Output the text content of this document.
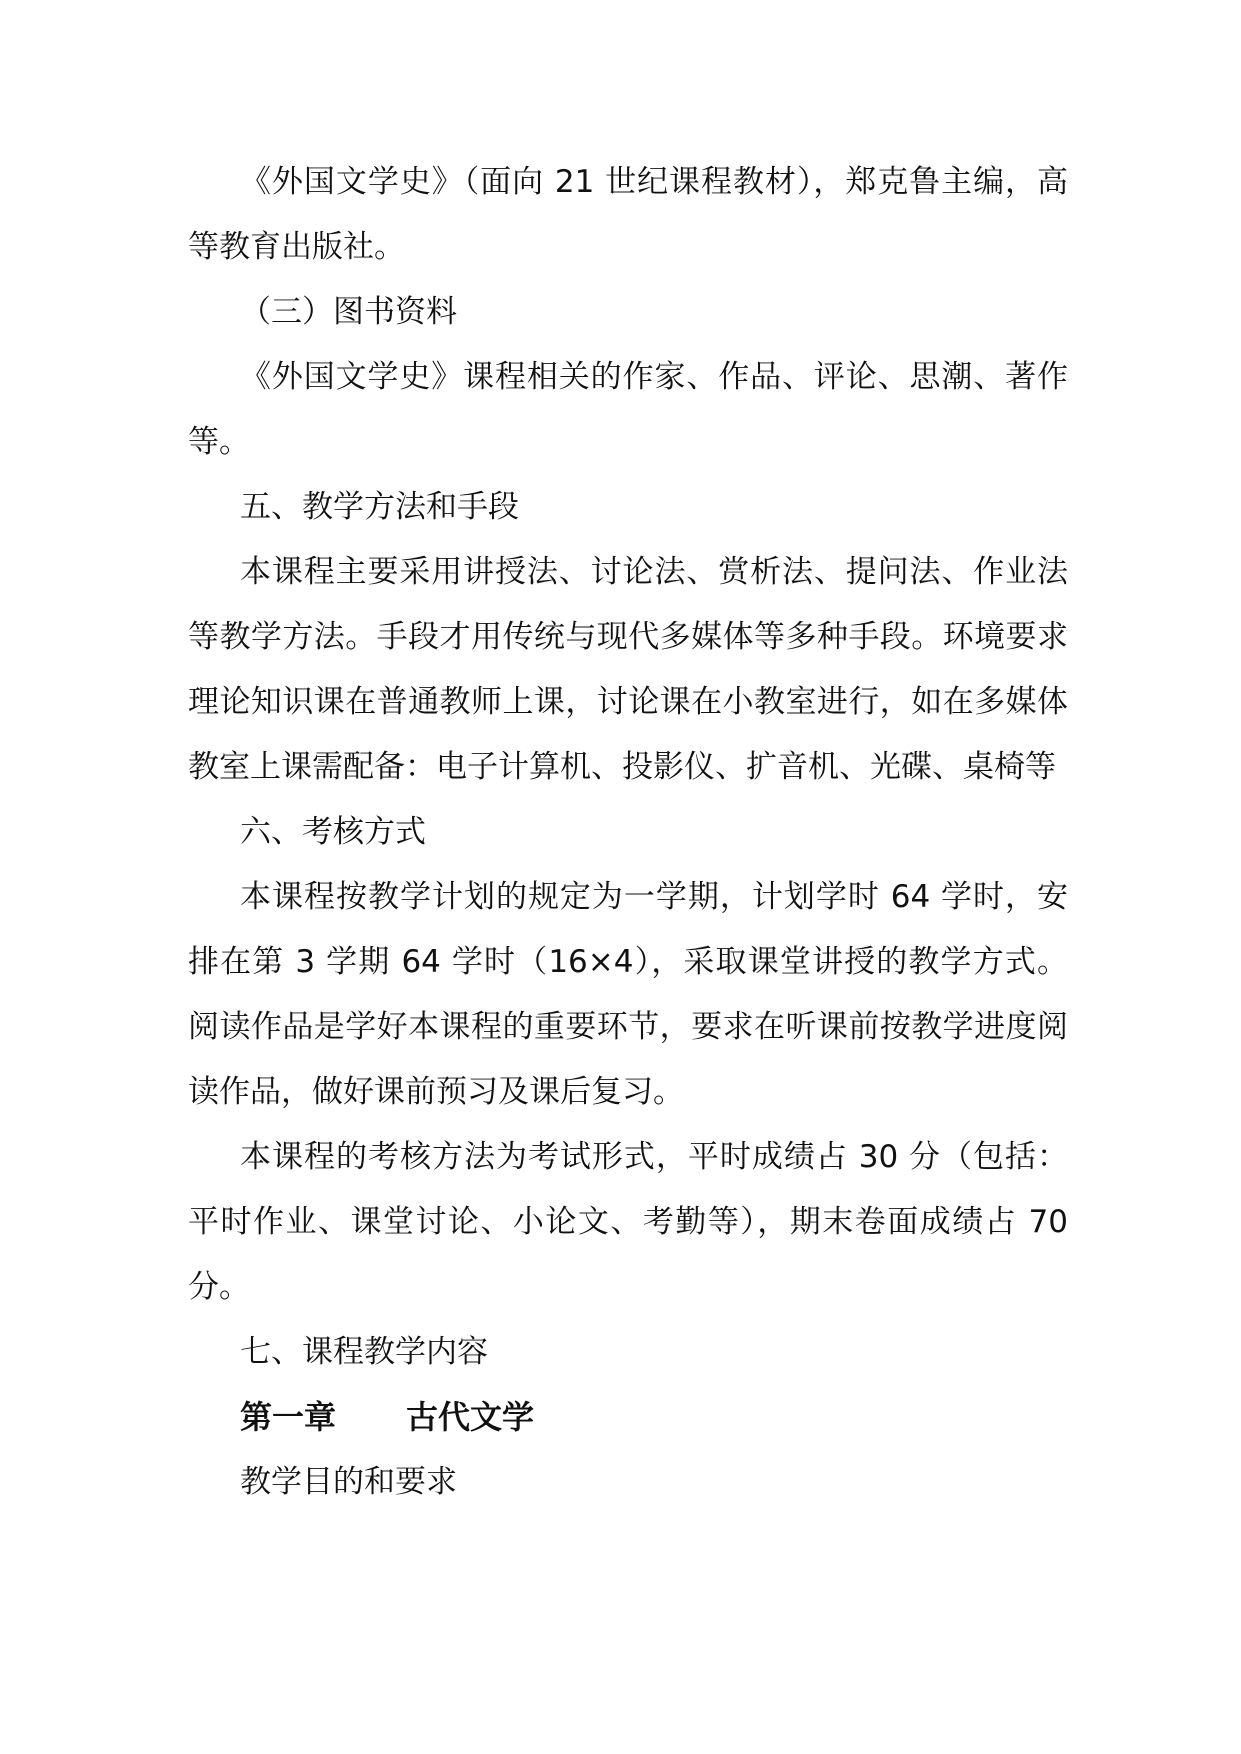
《外国文学史》（面向 21 世纪课程教材），郑克鲁主编，高等教育出版社。

（三）图书资料

《外国文学史》课程相关的作家、作品、评论、思潮、著作等。

五、教学方法和手段

本课程主要采用讲授法、讨论法、赏析法、提问法、作业法等教学方法。手段才用传统与现代多媒体等多种手段。环境要求理论知识课在普通教师上课，讨论课在小教室进行，如在多媒体教室上课需配备：电子计算机、投影仪、扩音机、光碟、桌椅等

六、考核方式

本课程按教学计划的规定为一学期，计划学时 64 学时，安排在第 3 学期 64 学时（16×4），采取课堂讲授的教学方式。阅读作品是学好本课程的重要环节，要求在听课前按教学进度阅读作品，做好课前预习及课后复习。

本课程的考核方法为考试形式，平时成绩占 30 分（包括：平时作业、课堂讨论、小论文、考勤等），期末卷面成绩占 70 分。

七、课程教学内容

第一章 古代文学

教学目的和要求
